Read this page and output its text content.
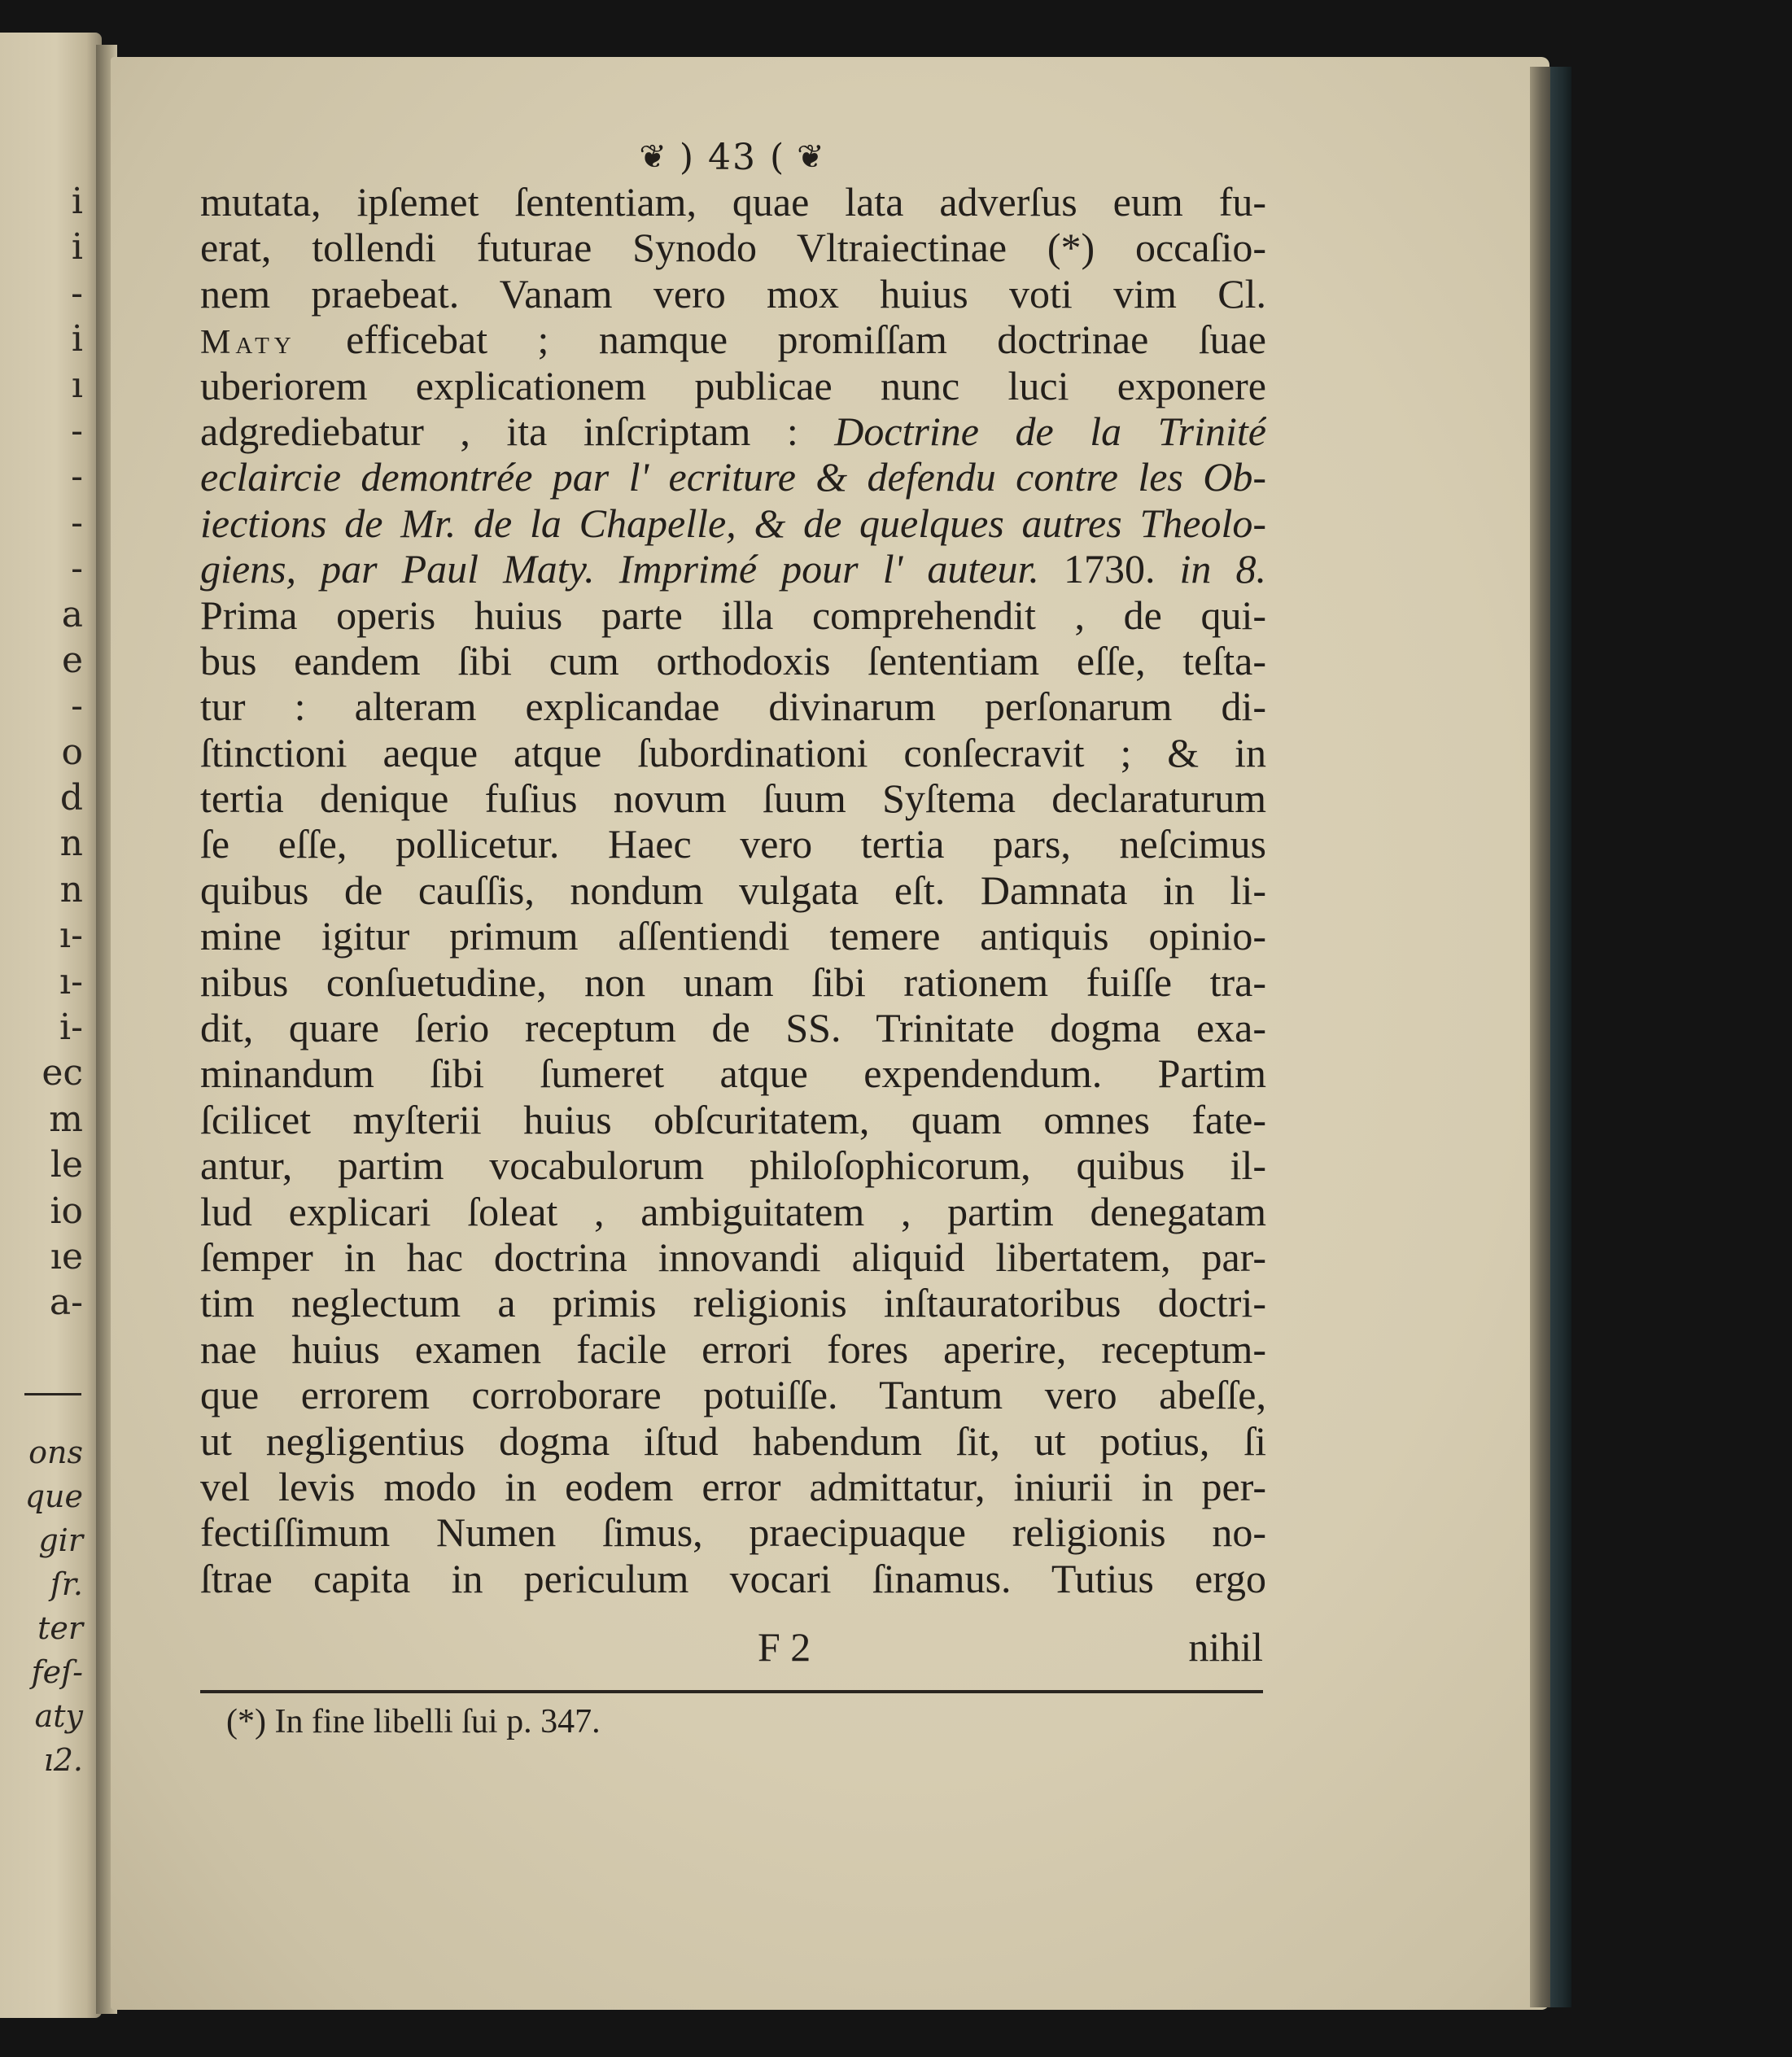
i
i
-
i
ı
-
-
-
-
a
e
-
o
d
n
n
ı-
ı-
i-
ec
m
le
io
ıe
a-
ons
que
gir
ſr.
ter
feſ-
aty
ı2.
❦ ) 43 ( ❦
mutata, ipſemet ſententiam, quae lata adverſus eum fu-
erat, tollendi futurae Synodo Vltraiectinae (*) occaſio-
nem praebeat. Vanam vero mox huius voti vim Cl.
Maty efficebat ; namque promiſſam doctrinae ſuae
uberiorem explicationem publicae nunc luci exponere
adgrediebatur , ita inſcriptam : Doctrine de la Trinité
eclaircie demontrée par l' ecriture & defendu contre les Ob-
iections de Mr. de la Chapelle, & de quelques autres Theolo-
giens, par Paul Maty. Imprimé pour l' auteur. 1730. in 8.
Prima operis huius parte illa comprehendit , de qui-
bus eandem ſibi cum orthodoxis ſententiam eſſe, teſta-
tur : alteram explicandae divinarum perſonarum di-
ſtinctioni aeque atque ſubordinationi conſecravit ; & in
tertia denique fuſius novum ſuum Syſtema declaraturum
ſe eſſe, pollicetur. Haec vero tertia pars, neſcimus
quibus de cauſſis, nondum vulgata eſt. Damnata in li-
mine igitur primum aſſentiendi temere antiquis opinio-
nibus conſuetudine, non unam ſibi rationem fuiſſe tra-
dit, quare ſerio receptum de SS. Trinitate dogma exa-
minandum ſibi ſumeret atque expendendum. Partim
ſcilicet myſterii huius obſcuritatem, quam omnes fate-
antur, partim vocabulorum philoſophicorum, quibus il-
lud explicari ſoleat , ambiguitatem , partim denegatam
ſemper in hac doctrina innovandi aliquid libertatem, par-
tim neglectum a primis religionis inſtauratoribus doctri-
nae huius examen facile errori fores aperire, receptum-
que errorem corroborare potuiſſe. Tantum vero abeſſe,
ut negligentius dogma iſtud habendum ſit, ut potius, ſi
vel levis modo in eodem error admittatur, iniurii in per-
fectiſſimum Numen ſimus, praecipuaque religionis no-
ſtrae capita in periculum vocari ſinamus. Tutius ergo
F 2	nihil
(*) In fine libelli ſui p. 347.
